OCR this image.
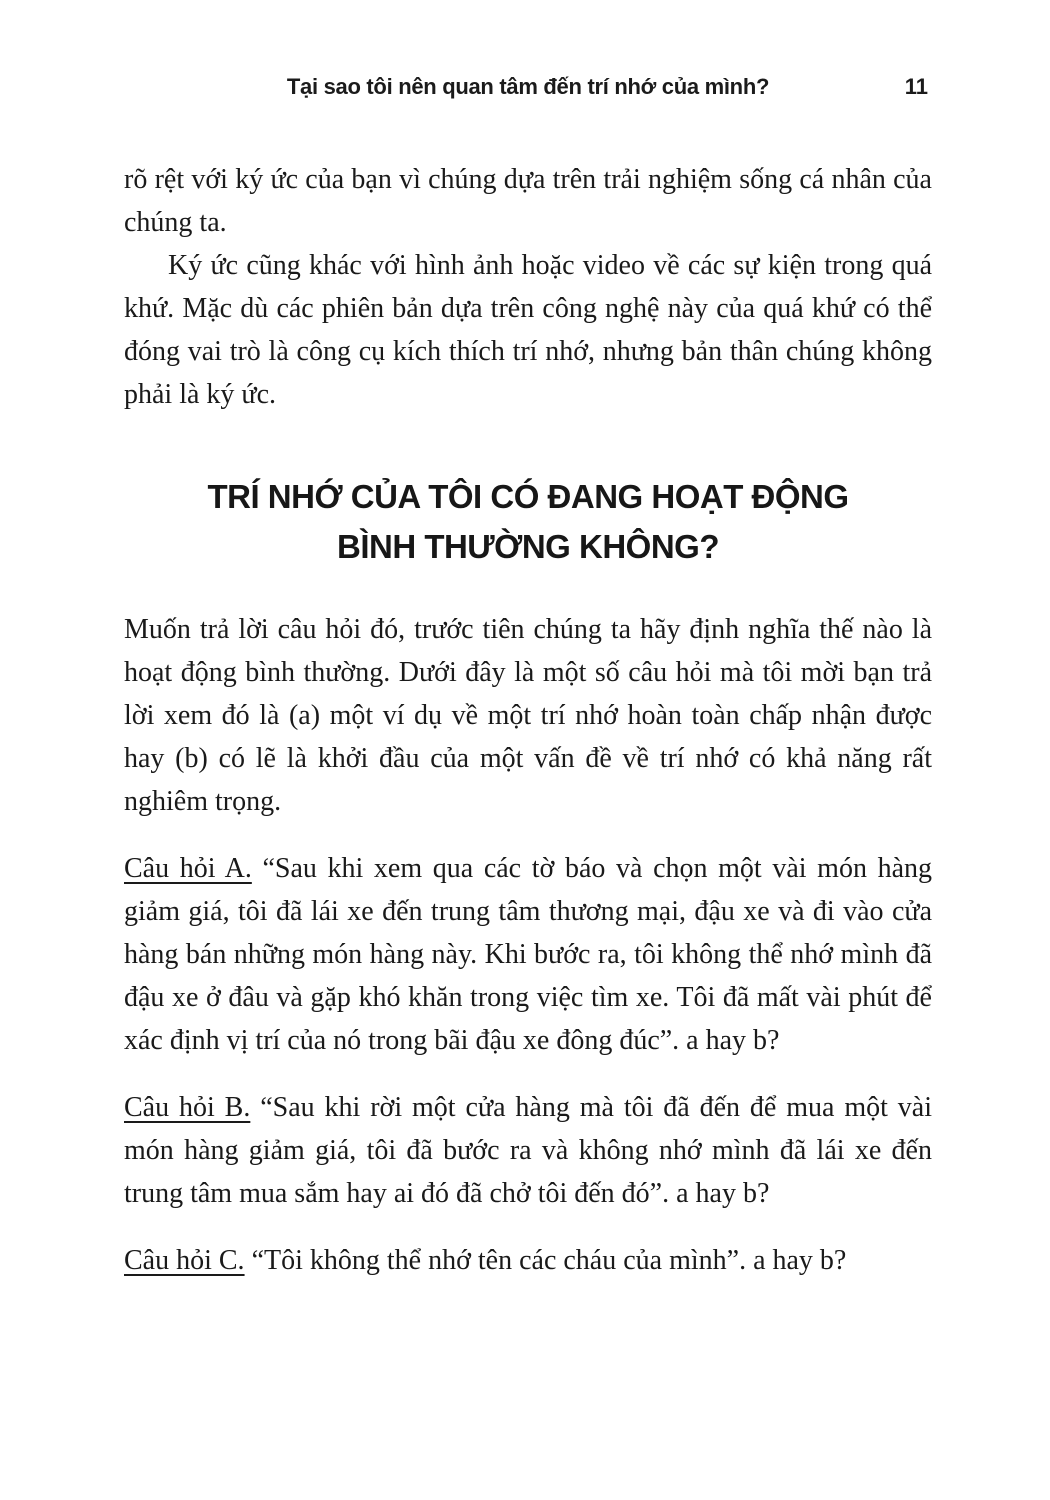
Tại sao tôi nên quan tâm đến trí nhớ của mình?	11

rõ rệt với ký ức của bạn vì chúng dựa trên trải nghiệm sống cá nhân của chúng ta.

Ký ức cũng khác với hình ảnh hoặc video về các sự kiện trong quá khứ. Mặc dù các phiên bản dựa trên công nghệ này của quá khứ có thể đóng vai trò là công cụ kích thích trí nhớ, nhưng bản thân chúng không phải là ký ức.

TRÍ NHỚ CỦA TÔI CÓ ĐANG HOẠT ĐỘNG
BÌNH THƯỜNG KHÔNG?

Muốn trả lời câu hỏi đó, trước tiên chúng ta hãy định nghĩa thế nào là hoạt động bình thường. Dưới đây là một số câu hỏi mà tôi mời bạn trả lời xem đó là (a) một ví dụ về một trí nhớ hoàn toàn chấp nhận được hay (b) có lẽ là khởi đầu của một vấn đề về trí nhớ có khả năng rất nghiêm trọng.

Câu hỏi A. “Sau khi xem qua các tờ báo và chọn một vài món hàng giảm giá, tôi đã lái xe đến trung tâm thương mại, đậu xe và đi vào cửa hàng bán những món hàng này. Khi bước ra, tôi không thể nhớ mình đã đậu xe ở đâu và gặp khó khăn trong việc tìm xe. Tôi đã mất vài phút để xác định vị trí của nó trong bãi đậu xe đông đúc”. a hay b?

Câu hỏi B. “Sau khi rời một cửa hàng mà tôi đã đến để mua một vài món hàng giảm giá, tôi đã bước ra và không nhớ mình đã lái xe đến trung tâm mua sắm hay ai đó đã chở tôi đến đó”. a hay b?

Câu hỏi C. “Tôi không thể nhớ tên các cháu của mình”. a hay b?
